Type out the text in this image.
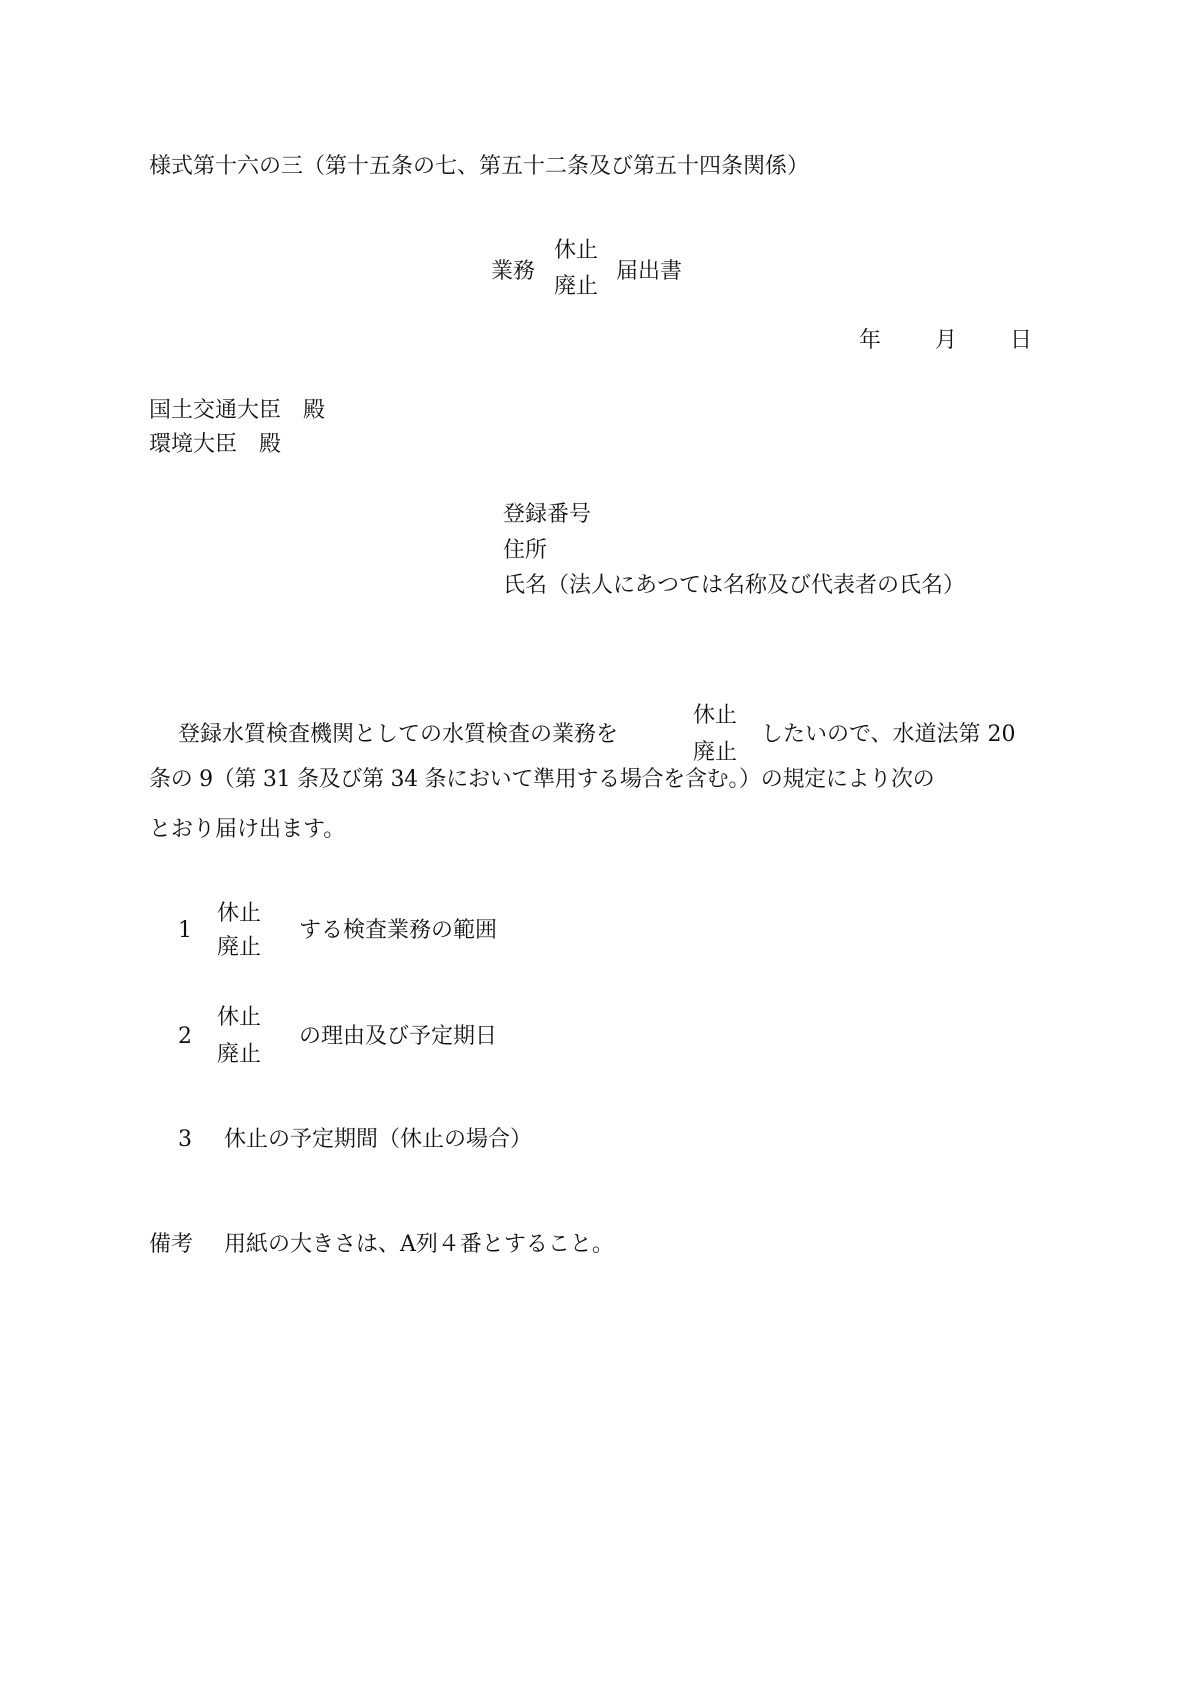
様式第十六の三（第十五条の七、第五十二条及び第五十四条関係）
業務
休止
廃止
届出書
年 月 日
国土交通大臣　殿
環境大臣　殿
登録番号
住所
氏名（法人にあつては名称及び代表者の氏名）
登録水質検査機関としての水質検査の業務を
休止
廃止
したいので、水道法第 20
条の 9（第 31 条及び第 34 条において準用する場合を含む。）の規定により次の
とおり届け出ます。
1
休止
廃止
する検査業務の範囲
2
休止
廃止
の理由及び予定期日
3 休止の予定期間（休止の場合）
備考 用紙の大きさは、A列４番とすること。
